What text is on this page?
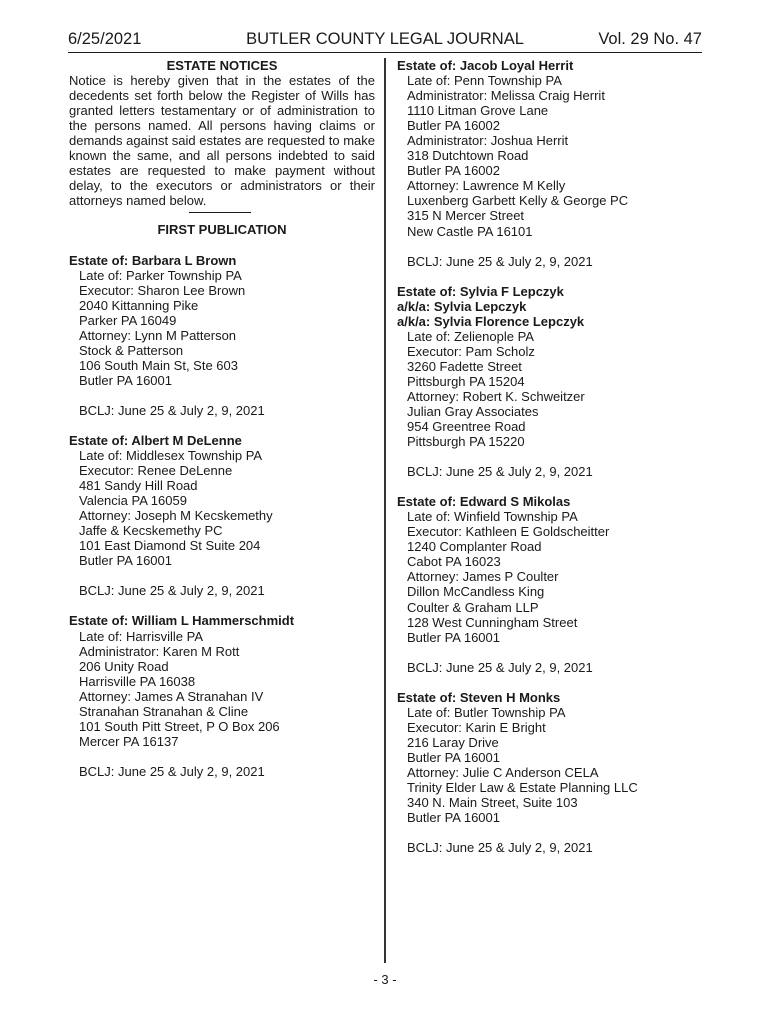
6/25/2021	BUTLER COUNTY LEGAL JOURNAL	Vol. 29 No. 47
ESTATE NOTICES
Notice is hereby given that in the estates of the decedents set forth below the Register of Wills has granted letters testamentary or of administration to the persons named. All persons having claims or demands against said estates are requested to make known the same, and all persons indebted to said estates are requested to make payment without delay, to the executors or administrators or their attorneys named below.
FIRST PUBLICATION
Estate of: Barbara L Brown
Late of: Parker Township PA
Executor: Sharon Lee Brown
2040 Kittanning Pike
Parker PA 16049
Attorney: Lynn M Patterson
Stock & Patterson
106 South Main St, Ste 603
Butler PA 16001
BCLJ: June 25 & July 2, 9, 2021
Estate of: Albert M DeLenne
Late of: Middlesex Township PA
Executor: Renee DeLenne
481 Sandy Hill Road
Valencia PA 16059
Attorney: Joseph M Kecskemethy
Jaffe & Kecskemethy PC
101 East Diamond St Suite 204
Butler PA 16001
BCLJ: June 25 & July 2, 9, 2021
Estate of: William L Hammerschmidt
Late of: Harrisville PA
Administrator: Karen M Rott
206 Unity Road
Harrisville PA 16038
Attorney: James A Stranahan IV
Stranahan Stranahan & Cline
101 South Pitt Street, P O Box 206
Mercer PA 16137
BCLJ: June 25 & July 2, 9, 2021
Estate of: Jacob Loyal Herrit
Late of: Penn Township PA
Administrator: Melissa Craig Herrit
1110 Litman Grove Lane
Butler PA 16002
Administrator: Joshua Herrit
318 Dutchtown Road
Butler PA 16002
Attorney: Lawrence M Kelly
Luxenberg Garbett Kelly & George PC
315 N Mercer Street
New Castle PA 16101
BCLJ: June 25 & July 2, 9, 2021
Estate of: Sylvia F Lepczyk
a/k/a: Sylvia Lepczyk
a/k/a: Sylvia Florence Lepczyk
Late of: Zelienople PA
Executor: Pam Scholz
3260 Fadette Street
Pittsburgh PA 15204
Attorney: Robert K. Schweitzer
Julian Gray Associates
954 Greentree Road
Pittsburgh PA 15220
BCLJ: June 25 & July 2, 9, 2021
Estate of: Edward S Mikolas
Late of: Winfield Township PA
Executor: Kathleen E Goldscheitter
1240 Complanter Road
Cabot PA 16023
Attorney: James P Coulter
Dillon McCandless King
Coulter & Graham LLP
128 West Cunningham Street
Butler PA 16001
BCLJ: June 25 & July 2, 9, 2021
Estate of: Steven H Monks
Late of: Butler Township PA
Executor: Karin E Bright
216 Laray Drive
Butler PA 16001
Attorney: Julie C Anderson CELA
Trinity Elder Law & Estate Planning LLC
340 N. Main Street, Suite 103
Butler PA 16001
BCLJ: June 25 & July 2, 9, 2021
- 3 -
